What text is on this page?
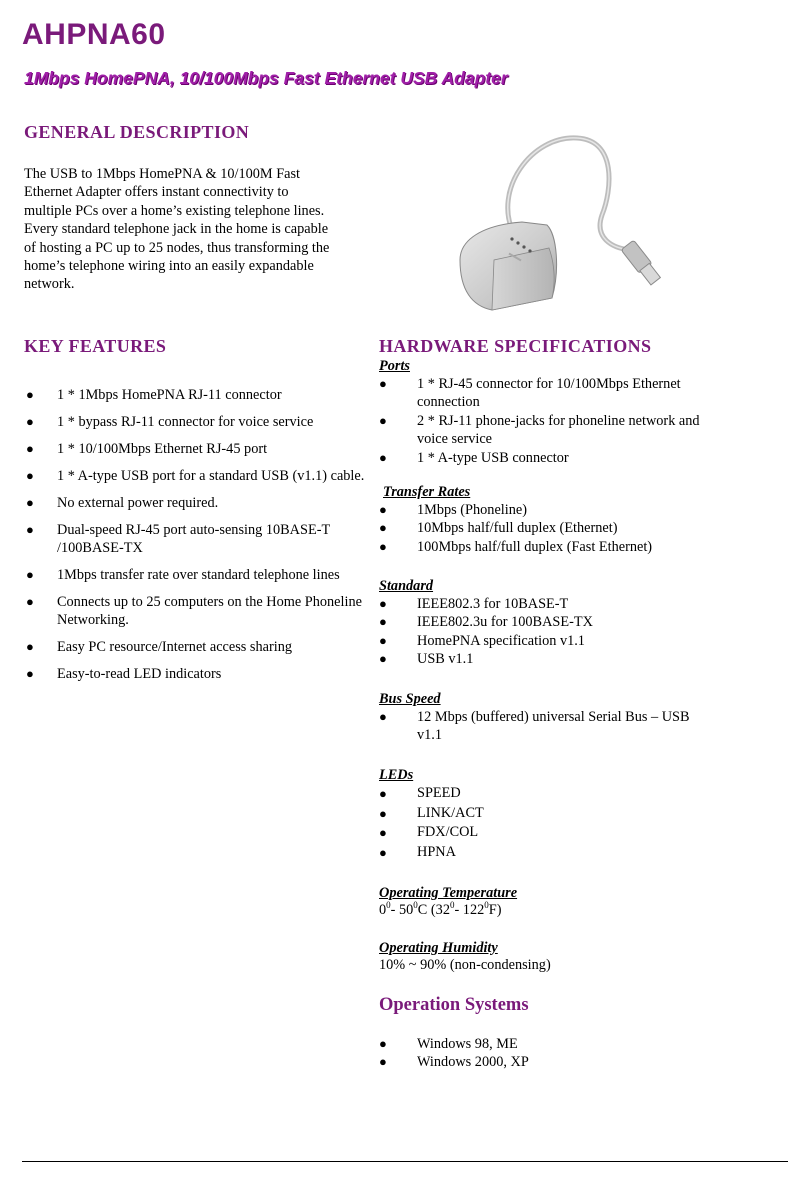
AHPNA60
1Mbps HomePNA, 10/100Mbps Fast Ethernet USB Adapter
GENERAL DESCRIPTION
The USB to 1Mbps HomePNA & 10/100M Fast
Ethernet Adapter offers instant connectivity to
multiple PCs over a home’s existing telephone lines.
Every standard telephone jack in the home is capable
of hosting a PC up to 25 nodes, thus transforming the
home’s telephone wiring into an easily expandable
network.
KEY FEATURES
● 1 * 1Mbps HomePNA RJ-11 connector
● 1 * bypass RJ-11 connector for voice service
● 1 * 10/100Mbps Ethernet RJ-45 port
● 1 * A-type USB port for a standard USB (v1.1) cable.
● No external power required.
● Dual-speed RJ-45 port auto-sensing 10BASE-T /100BASE-TX
● 1Mbps transfer rate over standard telephone lines
● Connects up to 25 computers on the Home Phoneline Networking.
● Easy PC resource/Internet access sharing
● Easy-to-read LED indicators
HARDWARE SPECIFICATIONS
Ports
● 1 * RJ-45 connector for 10/100Mbps Ethernet connection
● 2 * RJ-11 phone-jacks for phoneline network and voice service
● 1 * A-type USB connector
Transfer Rates
● 1Mbps (Phoneline)
● 10Mbps half/full duplex (Ethernet)
● 100Mbps half/full duplex (Fast Ethernet)
Standard
● IEEE802.3 for 10BASE-T
● IEEE802.3u for 100BASE-TX
● HomePNA specification v1.1
● USB v1.1
Bus Speed
● 12 Mbps (buffered) universal Serial Bus – USB v1.1
LEDs
● SPEED
● LINK/ACT
● FDX/COL
● HPNA
Operating Temperature
$0^0-$ $50^0C$ ($32^0-$ $122^0F$)
Operating Humidity
10% ~ 90% (non-condensing)
Operation Systems
● Windows 98, ME
● Windows 2000, XP
